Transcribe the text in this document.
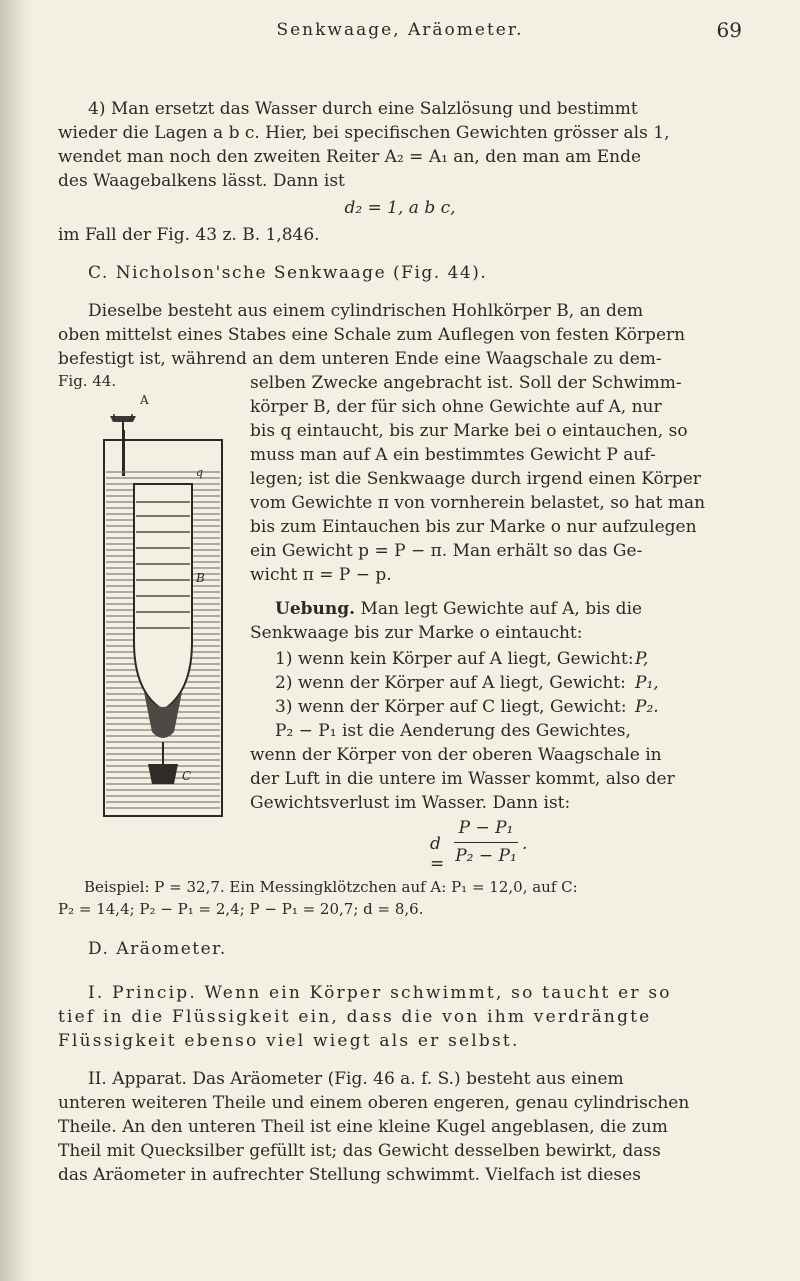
Senkwaage, Aräometer.	69
4) Man ersetzt das Wasser durch eine Salzlösung und bestimmt
wieder die Lagen a b c. Hier, bei specifischen Gewichten grösser als 1,
wendet man noch den zweiten Reiter A₂ = A₁ an, den man am Ende
des Waagebalkens lässt. Dann ist
d₂ = 1, a b c,
im Fall der Fig. 43 z. B. 1,846.
C. Nicholson'sche Senkwaage (Fig. 44).
Dieselbe besteht aus einem cylindrischen Hohlkörper B, an dem
oben mittelst eines Stabes eine Schale zum Auflegen von festen Körpern
befestigt ist, während an dem unteren Ende eine Waagschale zu dem-
Fig. 44.
A
B
q
C
selben Zwecke angebracht ist. Soll der Schwimm-
körper B, der für sich ohne Gewichte auf A, nur
bis q eintaucht, bis zur Marke bei o eintauchen, so
muss man auf A ein bestimmtes Gewicht P auf-
legen; ist die Senkwaage durch irgend einen Körper
vom Gewichte π von vornherein belastet, so hat man
bis zum Eintauchen bis zur Marke o nur aufzulegen
ein Gewicht p = P − π. Man erhält so das Ge-
wicht π = P − p.
Uebung. Man legt Gewichte auf A, bis die
Senkwaage bis zur Marke o eintaucht:
1) wenn kein Körper auf A liegt, Gewicht: P,
2) wenn der Körper auf A liegt, Gewicht: P₁,
3) wenn der Körper auf C liegt, Gewicht: P₂.
P₂ − P₁ ist die Aenderung des Gewichtes,
wenn der Körper von der oberen Waagschale in
der Luft in die untere im Wasser kommt, also der
Gewichtsverlust im Wasser. Dann ist:
d =
P − P₁
P₂ − P₁
.
Beispiel: P = 32,7. Ein Messingklötzchen auf A: P₁ = 12,0, auf C:
P₂ = 14,4; P₂ − P₁ = 2,4; P − P₁ = 20,7; d = 8,6.
D. Aräometer.
I. Princip. Wenn ein Körper schwimmt, so taucht er so
tief in die Flüssigkeit ein, dass die von ihm verdrängte
Flüssigkeit ebenso viel wiegt als er selbst.
II. Apparat. Das Aräometer (Fig. 46 a. f. S.) besteht aus einem
unteren weiteren Theile und einem oberen engeren, genau cylindrischen
Theile. An den unteren Theil ist eine kleine Kugel angeblasen, die zum
Theil mit Quecksilber gefüllt ist; das Gewicht desselben bewirkt, dass
das Aräometer in aufrechter Stellung schwimmt. Vielfach ist dieses
